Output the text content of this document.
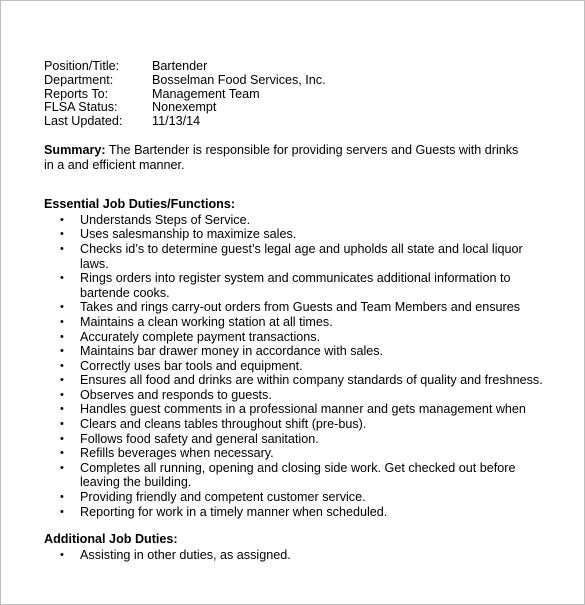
Position/Title:	Bartender
Department:	Bosselman Food Services, Inc.
Reports To:	Management Team
FLSA Status:	Nonexempt
Last Updated:	11/13/14
Summary: The Bartender is responsible for providing servers and Guests with drinks in a and efficient manner.
Essential Job Duties/Functions:
• Understands Steps of Service.
• Uses salesmanship to maximize sales.
• Checks id’s to determine guest’s legal age and upholds all state and local liquor laws.
• Rings orders into register system and communicates additional information to bartende cooks.
• Takes and rings carry-out orders from Guests and Team Members and ensures
• Maintains a clean working station at all times.
• Accurately complete payment transactions.
• Maintains bar drawer money in accordance with sales.
• Correctly uses bar tools and equipment.
• Ensures all food and drinks are within company standards of quality and freshness.
• Observes and responds to guests.
• Handles guest comments in a professional manner and gets management when
• Clears and cleans tables throughout shift (pre-bus).
• Follows food safety and general sanitation.
• Refills beverages when necessary.
• Completes all running, opening and closing side work. Get checked out before leaving the building.
• Providing friendly and competent customer service.
• Reporting for work in a timely manner when scheduled.
Additional Job Duties:
• Assisting in other duties, as assigned.
